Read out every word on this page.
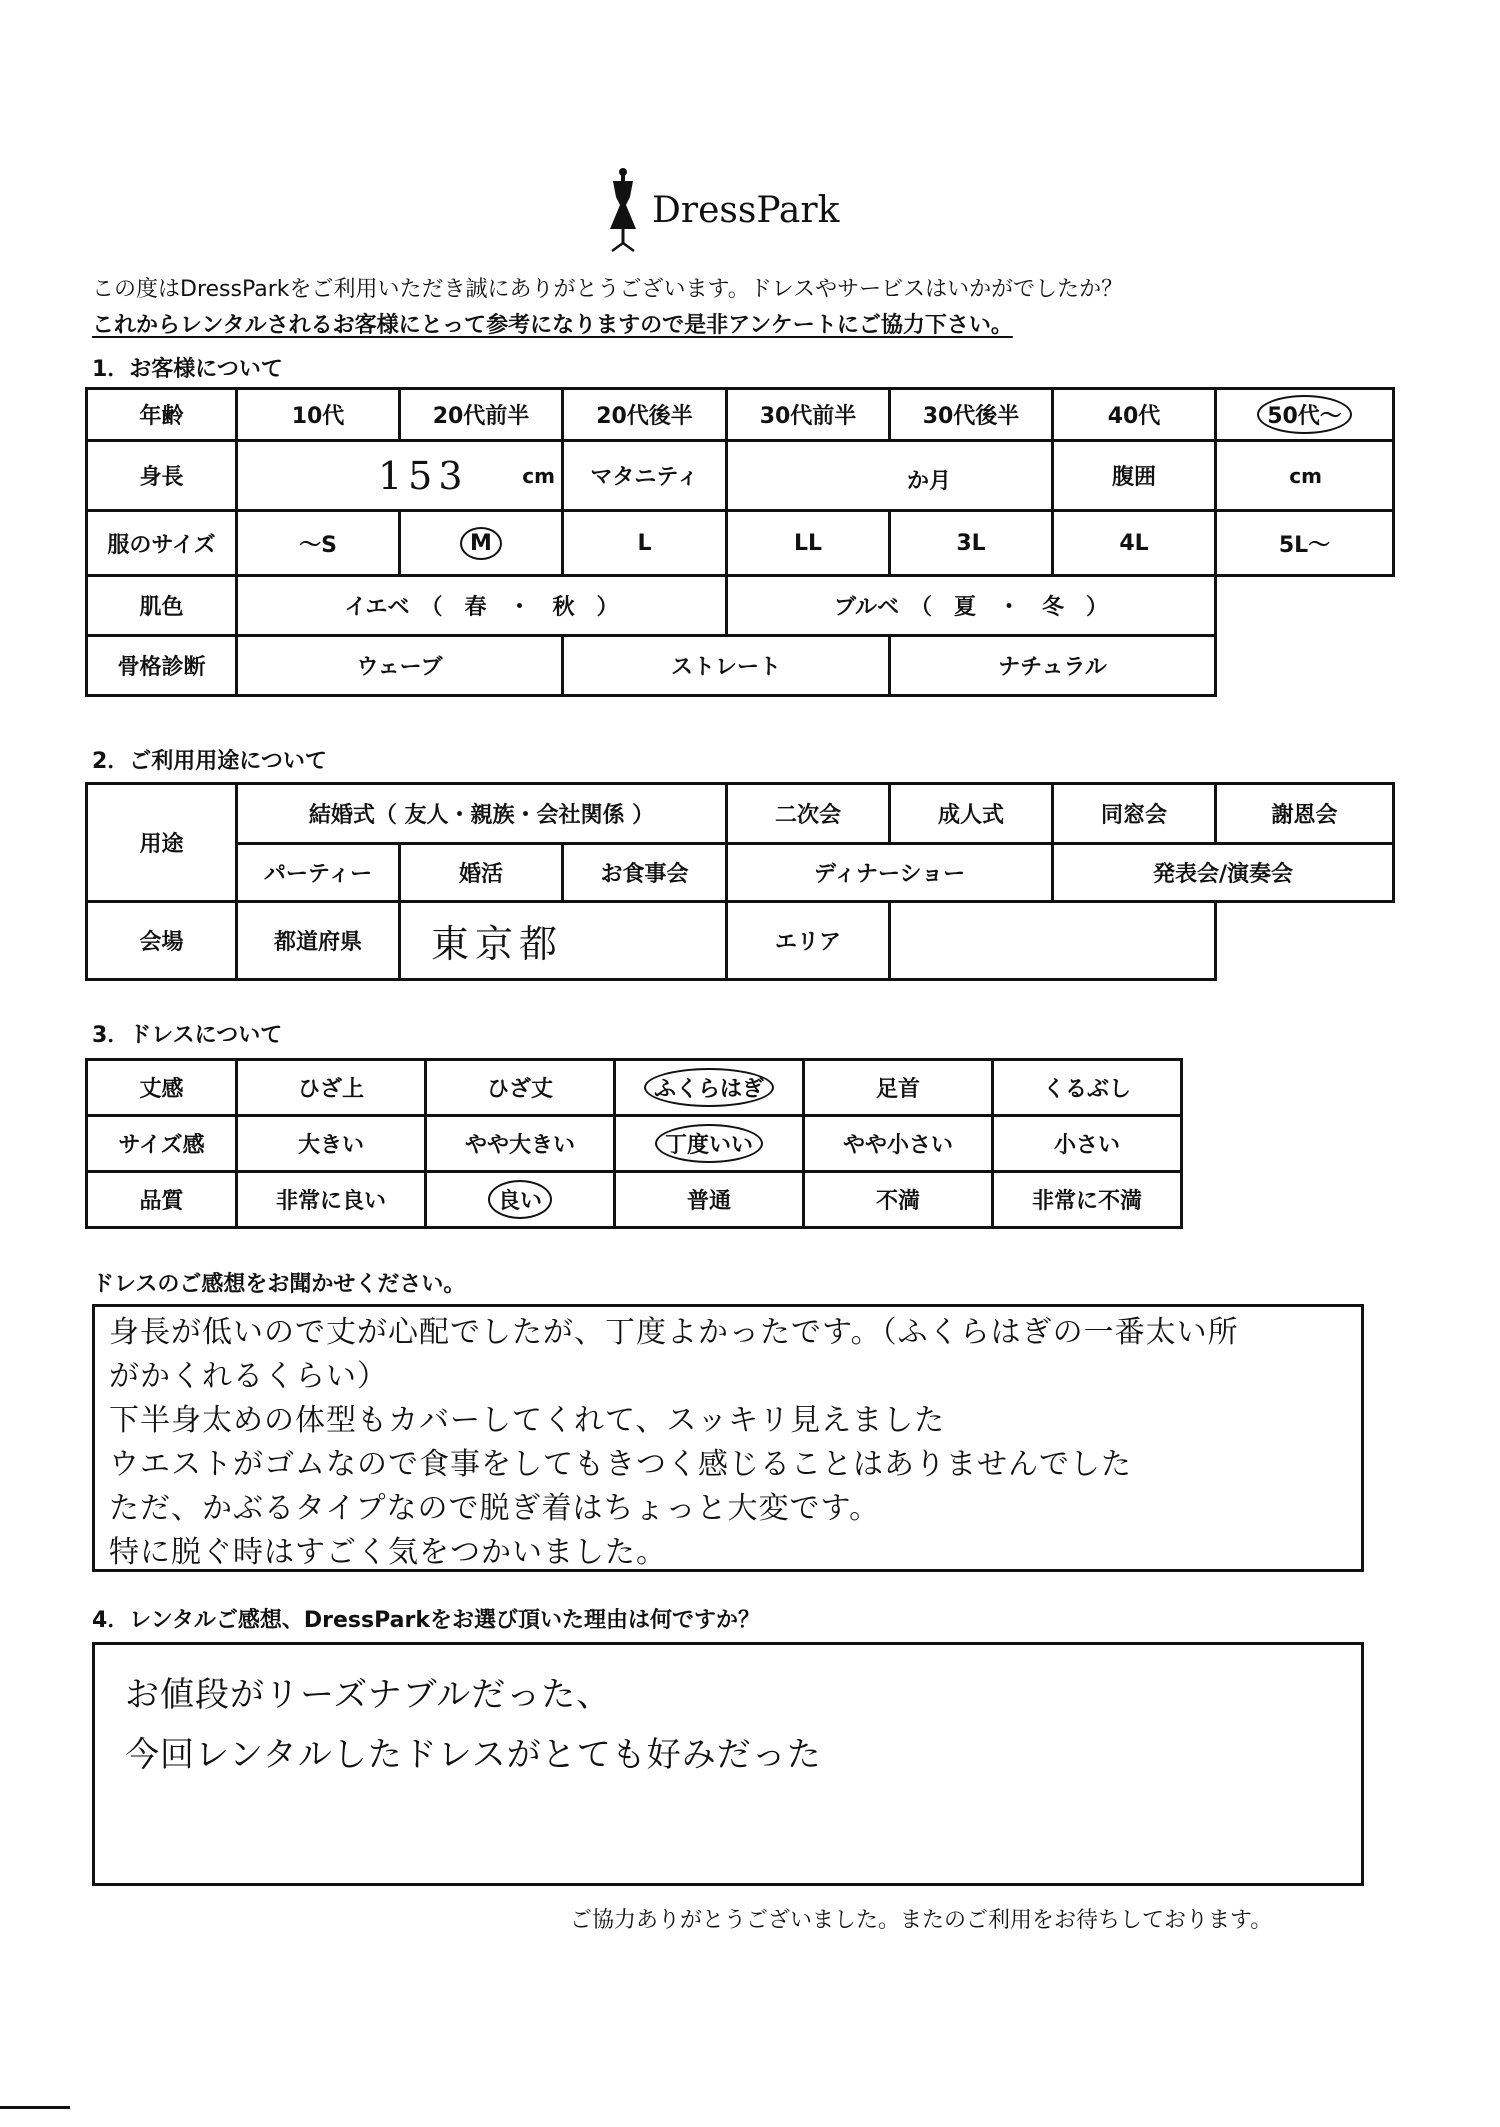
DressPark
この度はDressParkをご利用いただき誠にありがとうございます。ドレスやサービスはいかがでしたか？
これからレンタルされるお客様にとって参考になりますので是非アンケートにご協力下さい。
1．お客様について
年齢	10代	20代前半	20代後半	30代前半	30代後半	40代	50代～
身長	153 cm		マタニティ	か月		腹囲	cm

服のサイズ	～S	M	L	LL	3L	4L	5L～
肌色	イエベ　（　春　・　秋　）			ブルベ　（　夏　・　冬　）			
骨格診断	ウェーブ		ストレート		ナチュラル		
2．ご利用用途について
用途	結婚式（ 友人・親族・会社関係 ）			二次会	成人式	同窓会	謝恩会
	パーティー	婚活	お食事会	ディナーショー		発表会/演奏会	
会場	都道府県	東京都		エリア			
3．ドレスについて
丈感	ひざ上	ひざ丈	ふくらはぎ	足首	くるぶし
サイズ感	大きい	やや大きい	丁度いい	やや小さい	小さい
品質	非常に良い	良い	普通	不満	非常に不満
ドレスのご感想をお聞かせください。

身長が低いので丈が心配でしたが、丁度よかったです。（ふくらはぎの一番太い所

がかくれるくらい）

下半身太めの体型もカバーしてくれて、スッキリ見えました

ウエストがゴムなので食事をしてもきつく感じることはありませんでした

ただ、かぶるタイプなので脱ぎ着はちょっと大変です。

特に脱ぐ時はすごく気をつかいました。

4．レンタルご感想、DressParkをお選び頂いた理由は何ですか？

お値段がリーズナブルだった、

今回レンタルしたドレスがとても好みだった

ご協力ありがとうございました。またのご利用をお待ちしております。
